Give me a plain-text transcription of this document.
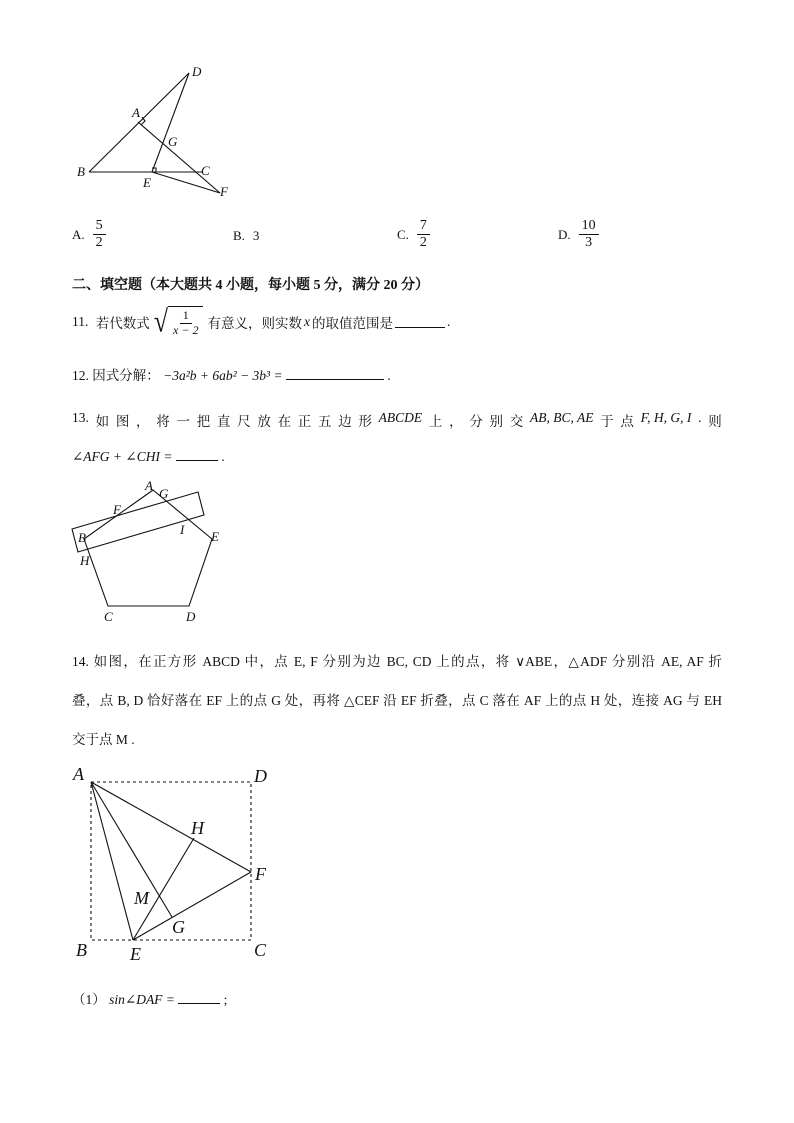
A
B	C
D
E
F
G
A. $\frac{5}{2}$	B. 3	C. $\frac{7}{2}$	D. $\frac{10}{3}$
二、填空题（本大题共 4 小题，每小题 5 分，满分 20 分）
11.
若代数式 √ $\frac{1}{x - 2}$ 有意义，则实数 x 的取值范围是	.
12. 因式分解： −3a²b + 6ab² − 3b³ =	.
13. 如 图 ， 将 一 把 直 尺 放 在 正 五 边 形 ABCDE 上 ， 分 别 交 AB, BC, AE 于 点 F, H, G, I . 则
∠AFG + ∠CHI =	.
A
G
F
B
I E
H
C	D
14. 如图，在正方形 ABCD 中，点 E, F 分别为边 BC, CD 上的点，将 ∨ABE，△ADF 分别沿 AE, AF 折
叠，点 B, D 恰好落在 EF 上的点 G 处，再将 △CEF 沿 EF 折叠，点 C 落在 AF 上的点 H 处，连接 AG 与 EH
交于点 M .
A	D
H
F
M
G
B E	C
（1） sin∠DAF =	;
